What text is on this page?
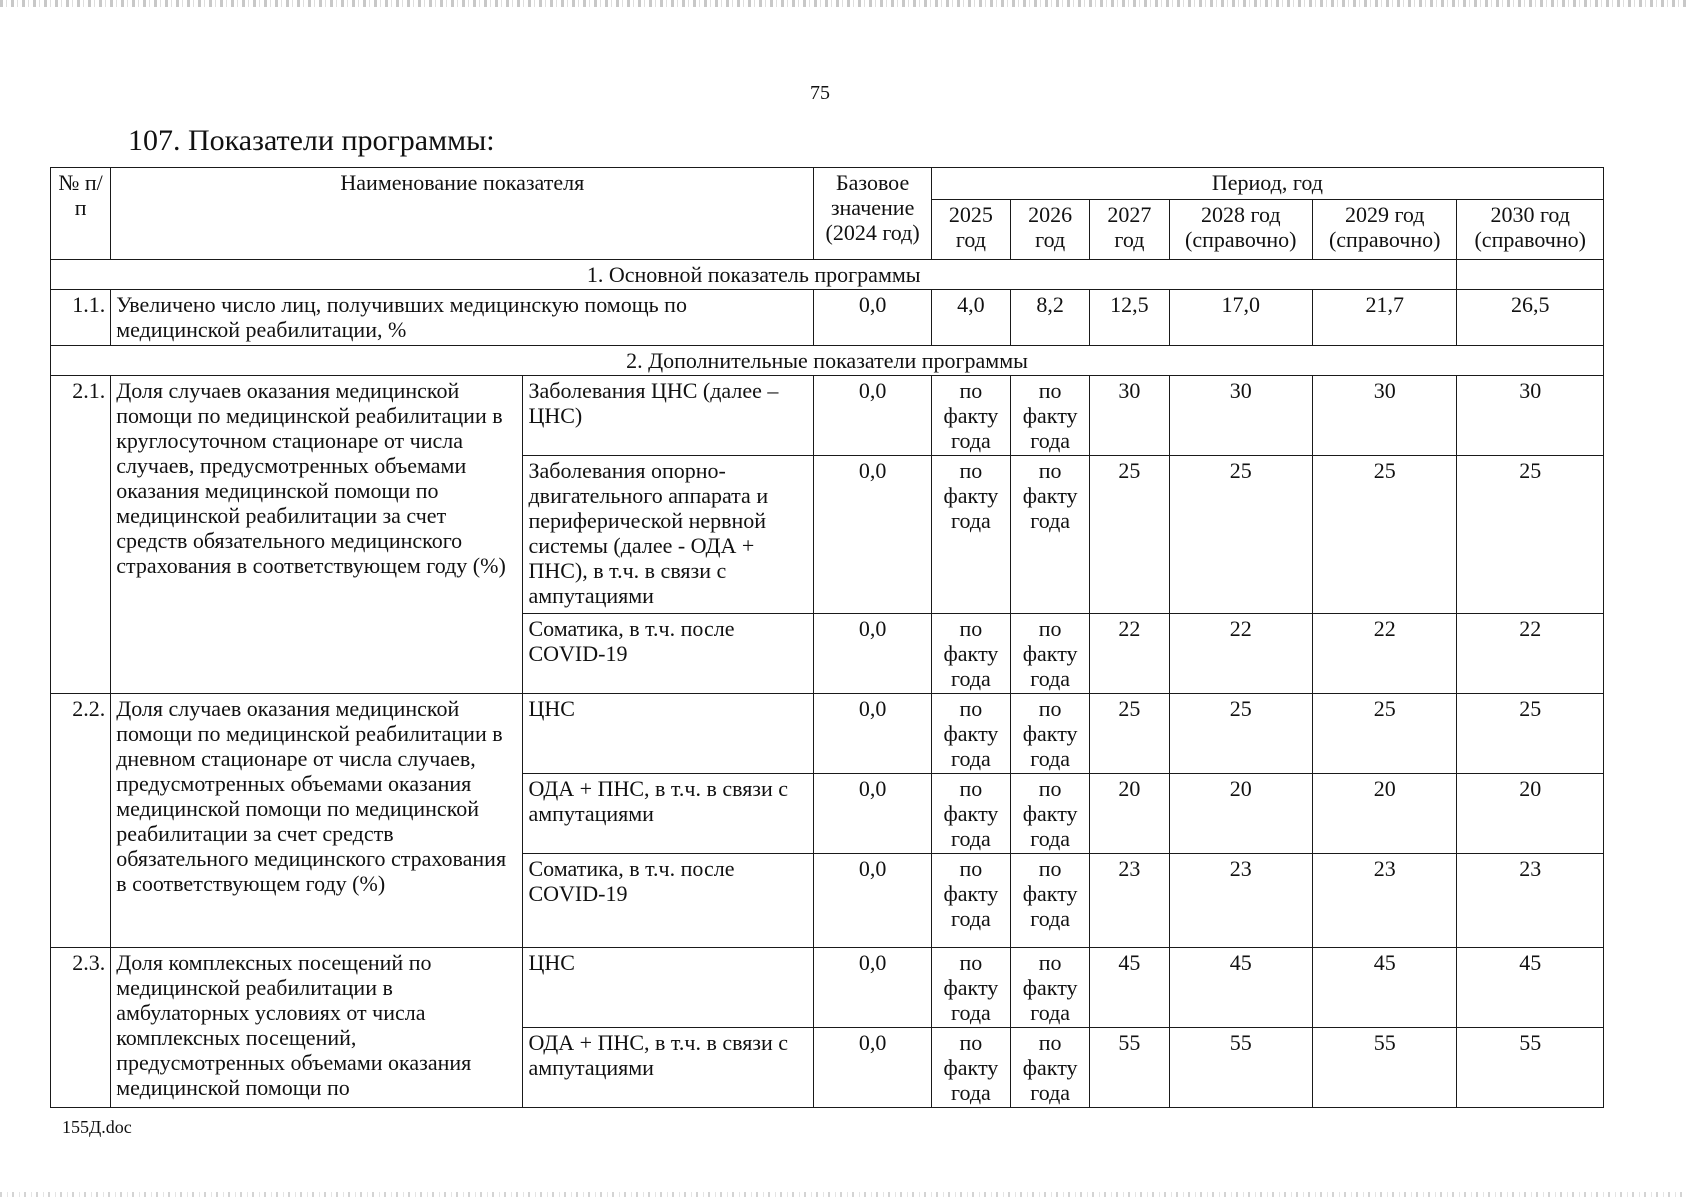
75
107. Показатели программы:
№ п/п	Наименование показателя		Базовое значение (2024 год)	Период, год					
				2025 год	2026 год	2027 год	2028 год (справочно)	2029 год (справочно)	2030 год (справочно)
1. Основной показатель программы									
1.1.	Увеличено число лиц, получивших медицинскую помощь по медицинской реабилитации, %		0,0	4,0	8,2	12,5	17,0	21,7	26,5
2. Дополнительные показатели программы									
2.1.	Доля случаев оказания медицинской помощи по медицинской реабилитации в круглосуточном стационаре от числа случаев, предусмотренных объемами оказания медицинской помощи по медицинской реабилитации за счет средств обязательного медицинского страхования в соответствующем году (%)	Заболевания ЦНС (далее – ЦНС)	0,0	по факту года	по факту года	30	30	30	30
		Заболевания опорно-двигательного аппарата и периферической нервной системы (далее - ОДА + ПНС), в т.ч. в связи с ампутациями	0,0	по факту года	по факту года	25	25	25	25
		Соматика, в т.ч. после COVID-19	0,0	по факту года	по факту года	22	22	22	22
2.2.	Доля случаев оказания медицинской помощи по медицинской реабилитации в дневном стационаре от числа случаев, предусмотренных объемами оказания медицинской помощи по медицинской реабилитации за счет средств обязательного медицинского страхования в соответствующем году (%)	ЦНС	0,0	по факту года	по факту года	25	25	25	25
		ОДА + ПНС, в т.ч. в связи с ампутациями	0,0	по факту года	по факту года	20	20	20	20
		Соматика, в т.ч. после COVID-19	0,0	по факту года	по факту года	23	23	23	23
2.3.	Доля комплексных посещений по медицинской реабилитации в амбулаторных условиях от числа комплексных посещений, предусмотренных объемами оказания медицинской помощи по	ЦНС	0,0	по факту года	по факту года	45	45	45	45
		ОДА + ПНС, в т.ч. в связи с ампутациями	0,0	по факту года	по факту года	55	55	55	55
155Д.doc
